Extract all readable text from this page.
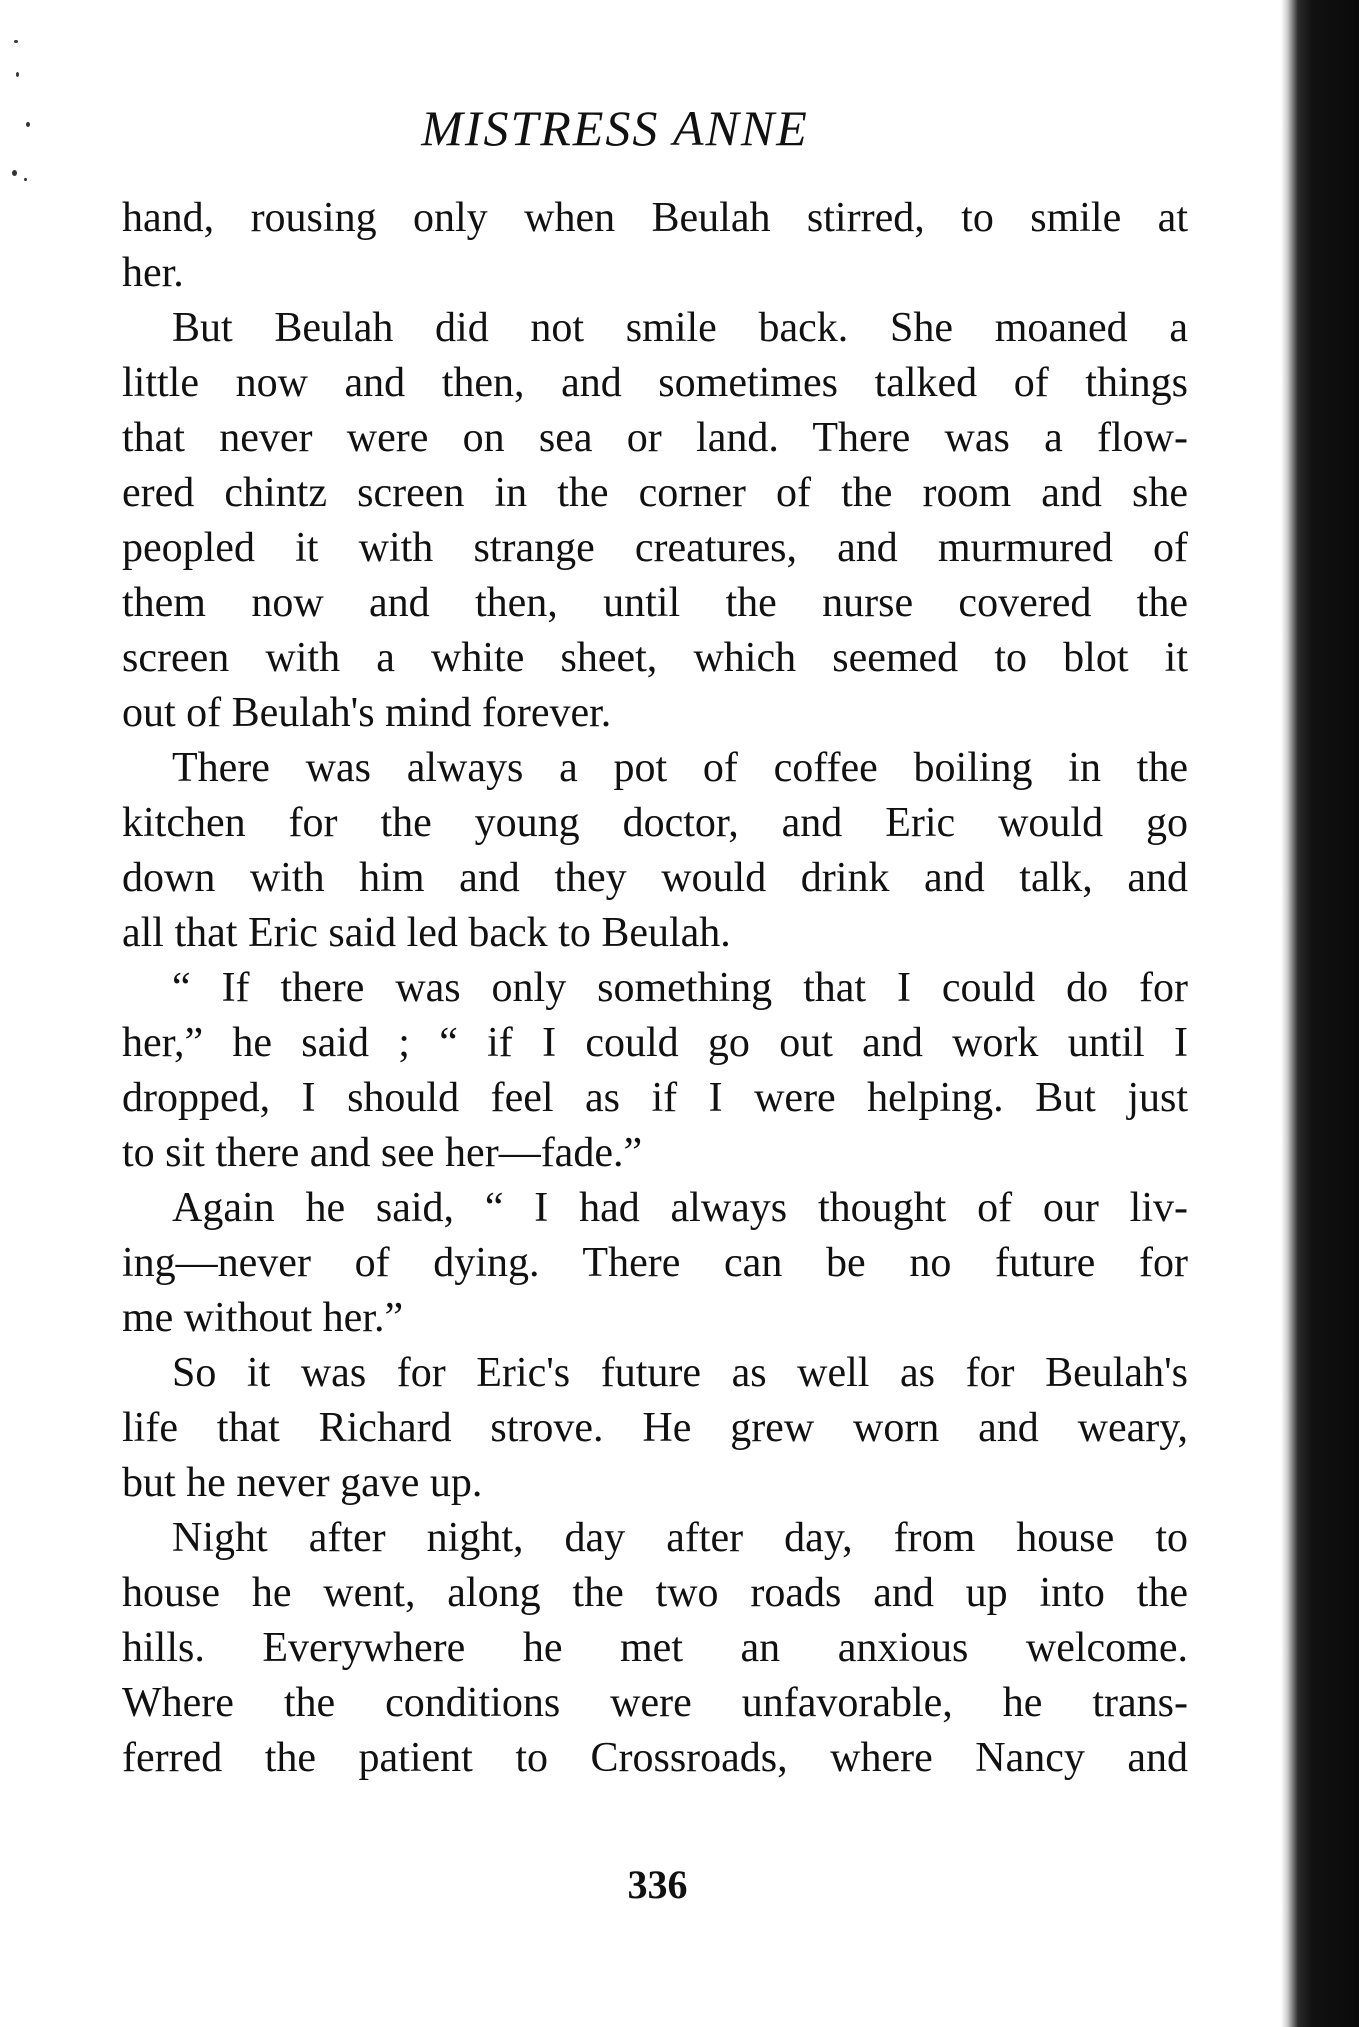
MISTRESS ANNE
hand, rousing only when Beulah stirred, to smile at
her.
But Beulah did not smile back. She moaned a
little now and then, and sometimes talked of things
that never were on sea or land. There was a flow-
ered chintz screen in the corner of the room and she
peopled it with strange creatures, and murmured of
them now and then, until the nurse covered the
screen with a white sheet, which seemed to blot it
out of Beulah's mind forever.
There was always a pot of coffee boiling in the
kitchen for the young doctor, and Eric would go
down with him and they would drink and talk, and
all that Eric said led back to Beulah.
“ If there was only something that I could do for
her,” he said ; “ if I could go out and work until I
dropped, I should feel as if I were helping. But just
to sit there and see her—fade.”
Again he said, “ I had always thought of our liv-
ing—never of dying. There can be no future for
me without her.”
So it was for Eric's future as well as for Beulah's
life that Richard strove. He grew worn and weary,
but he never gave up.
Night after night, day after day, from house to
house he went, along the two roads and up into the
hills. Everywhere he met an anxious welcome.
Where the conditions were unfavorable, he trans-
ferred the patient to Crossroads, where Nancy and
336
